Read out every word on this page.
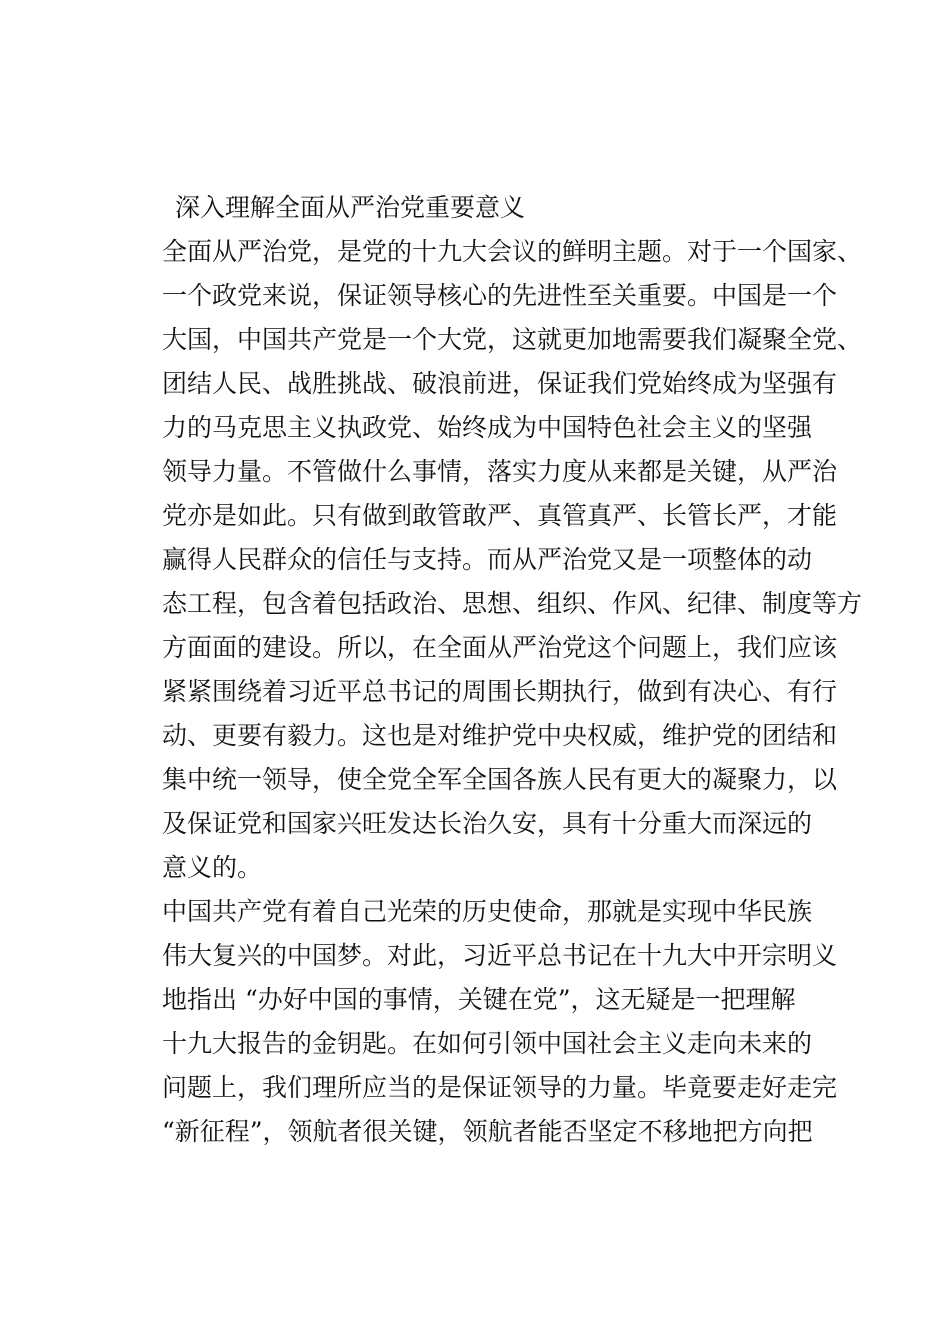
深入理解全面从严治党重要意义
全面从严治党，是党的十九大会议的鲜明主题。对于一个国家、
一个政党来说，保证领导核心的先进性至关重要。中国是一个
大国，中国共产党是一个大党，这就更加地需要我们凝聚全党、
团结人民、战胜挑战、破浪前进，保证我们党始终成为坚强有
力的马克思主义执政党、始终成为中国特色社会主义的坚强
领导力量。不管做什么事情，落实力度从来都是关键，从严治
党亦是如此。只有做到敢管敢严、真管真严、长管长严，才能
赢得人民群众的信任与支持。而从严治党又是一项整体的动
态工程，包含着包括政治、思想、组织、作风、纪律、制度等方
方面面的建设。所以，在全面从严治党这个问题上，我们应该
紧紧围绕着习近平总书记的周围长期执行，做到有决心、有行
动、更要有毅力。这也是对维护党中央权威，维护党的团结和
集中统一领导，使全党全军全国各族人民有更大的凝聚力，以
及保证党和国家兴旺发达长治久安，具有十分重大而深远的
意义的。
中国共产党有着自己光荣的历史使命，那就是实现中华民族
伟大复兴的中国梦。对此，习近平总书记在十九大中开宗明义
地指出 “办好中国的事情，关键在党”，这无疑是一把理解
十九大报告的金钥匙。在如何引领中国社会主义走向未来的
问题上，我们理所应当的是保证领导的力量。毕竟要走好走完
“新征程”，领航者很关键，领航者能否坚定不移地把方向把
